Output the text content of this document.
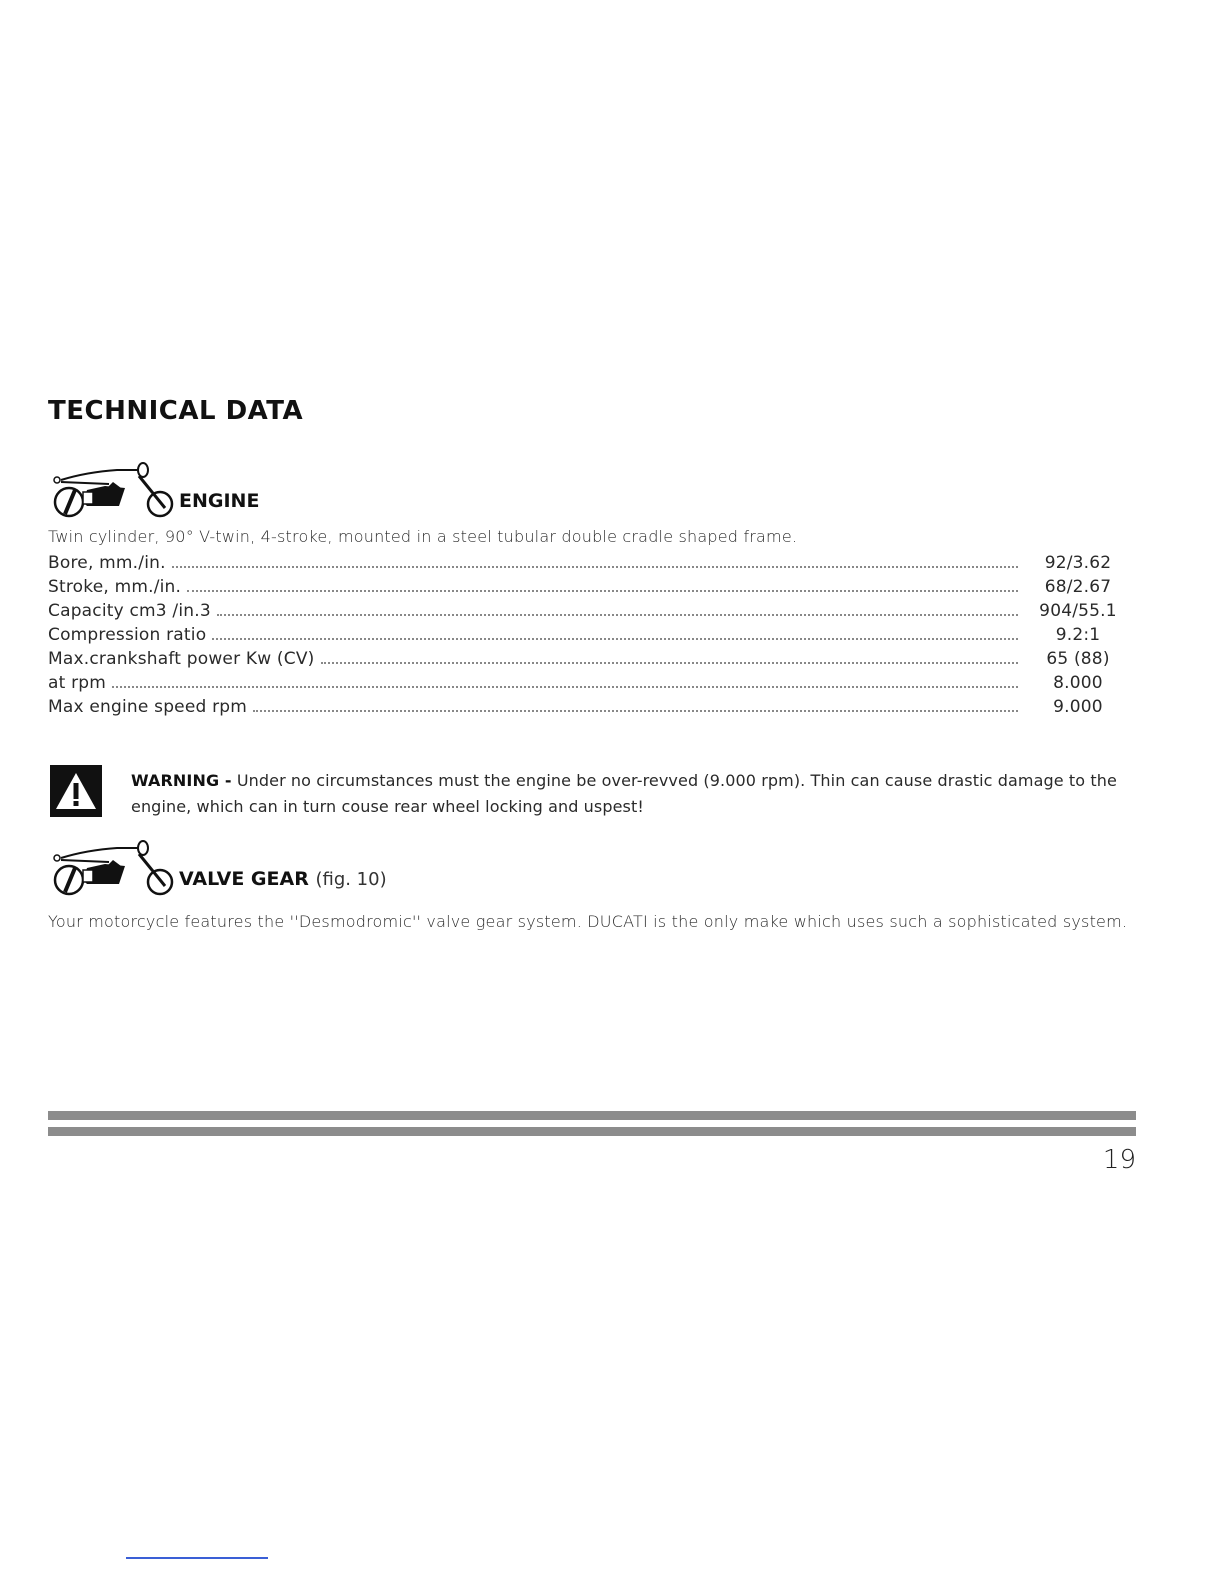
TECHNICAL DATA
ENGINE
Twin cylinder, 90° V-twin, 4-stroke, mounted in a steel tubular double cradle shaped frame.
Bore, mm./in.	92/3.62
Stroke, mm./in.	68/2.67
Capacity cm3 /in.3	904/55.1
Compression ratio	9.2:1
Max.crankshaft power Kw (CV)	65 (88)
at rpm	8.000
Max engine speed rpm	9.000
WARNING - Under no circumstances must the engine be over-revved (9.000 rpm). Thin can cause drastic damage to the engine, which can in turn couse rear wheel locking and uspest!
VALVE GEAR (fig. 10)
Your motorcycle features the ''Desmodromic'' valve gear system. DUCATI is the only make which uses such a sophisticated system.
19
